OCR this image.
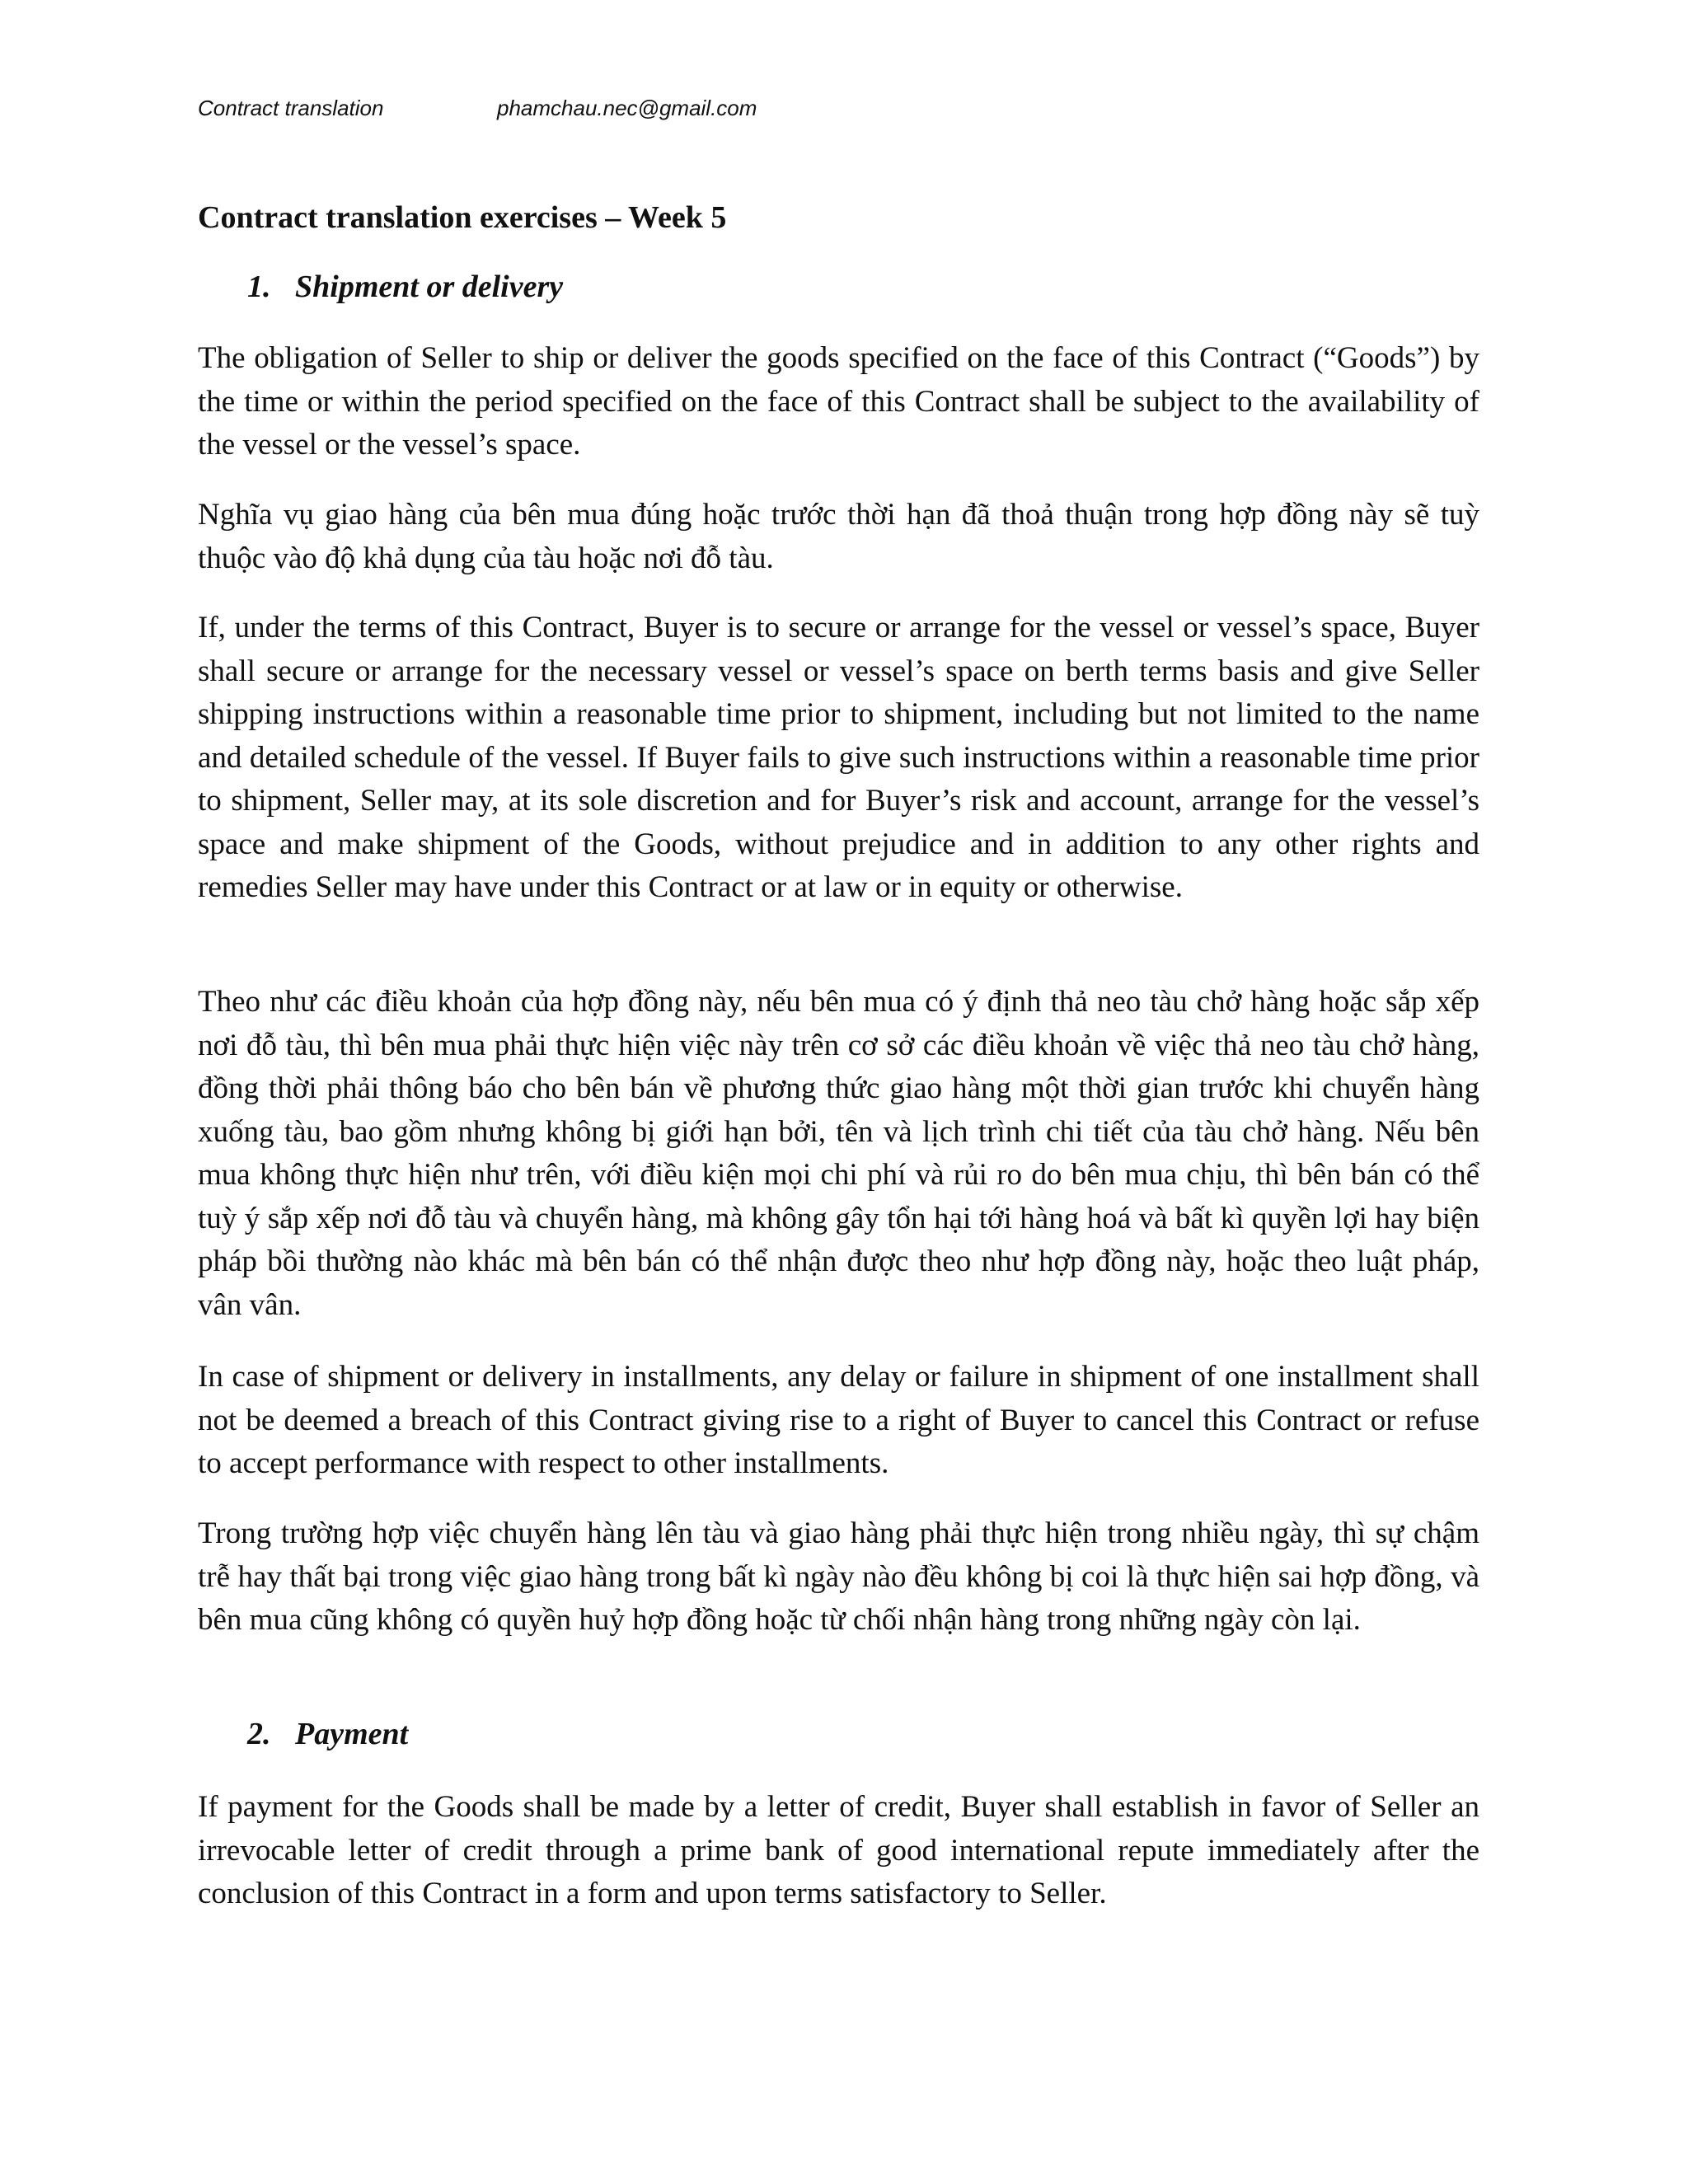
Contract translation	phamchau.nec@gmail.com
Contract translation exercises – Week 5
1. Shipment or delivery

The obligation of Seller to ship or deliver the goods specified on the face of this Contract (“Goods”) by the time or within the period specified on the face of this Contract shall be subject to the availability of the vessel or the vessel’s space.

Nghĩa vụ giao hàng của bên mua đúng hoặc trước thời hạn đã thoả thuận trong hợp đồng này sẽ tuỳ thuộc vào độ khả dụng của tàu hoặc nơi đỗ tàu.

If, under the terms of this Contract, Buyer is to secure or arrange for the vessel or vessel’s space, Buyer shall secure or arrange for the necessary vessel or vessel’s space on berth terms basis and give Seller shipping instructions within a reasonable time prior to shipment, including but not limited to the name and detailed schedule of the vessel. If Buyer fails to give such instructions within a reasonable time prior to shipment, Seller may, at its sole discretion and for Buyer’s risk and account, arrange for the vessel’s space and make shipment of the Goods, without prejudice and in addition to any other rights and remedies Seller may have under this Contract or at law or in equity or otherwise.

Theo như các điều khoản của hợp đồng này, nếu bên mua có ý định thả neo tàu chở hàng hoặc sắp xếp nơi đỗ tàu, thì bên mua phải thực hiện việc này trên cơ sở các điều khoản về việc thả neo tàu chở hàng, đồng thời phải thông báo cho bên bán về phương thức giao hàng một thời gian trước khi chuyển hàng xuống tàu, bao gồm nhưng không bị giới hạn bởi, tên và lịch trình chi tiết của tàu chở hàng. Nếu bên mua không thực hiện như trên, với điều kiện mọi chi phí và rủi ro do bên mua chịu, thì bên bán có thể tuỳ ý sắp xếp nơi đỗ tàu và chuyển hàng, mà không gây tổn hại tới hàng hoá và bất kì quyền lợi hay biện pháp bồi thường nào khác mà bên bán có thể nhận được theo như hợp đồng này, hoặc theo luật pháp, vân vân.

In case of shipment or delivery in installments, any delay or failure in shipment of one installment shall not be deemed a breach of this Contract giving rise to a right of Buyer to cancel this Contract or refuse to accept performance with respect to other installments.

Trong trường hợp việc chuyển hàng lên tàu và giao hàng phải thực hiện trong nhiều ngày, thì sự chậm trễ hay thất bại trong việc giao hàng trong bất kì ngày nào đều không bị coi là thực hiện sai hợp đồng, và bên mua cũng không có quyền huỷ hợp đồng hoặc từ chối nhận hàng trong những ngày còn lại.

2. Payment

If payment for the Goods shall be made by a letter of credit, Buyer shall establish in favor of Seller an irrevocable letter of credit through a prime bank of good international repute immediately after the conclusion of this Contract in a form and upon terms satisfactory to Seller.
